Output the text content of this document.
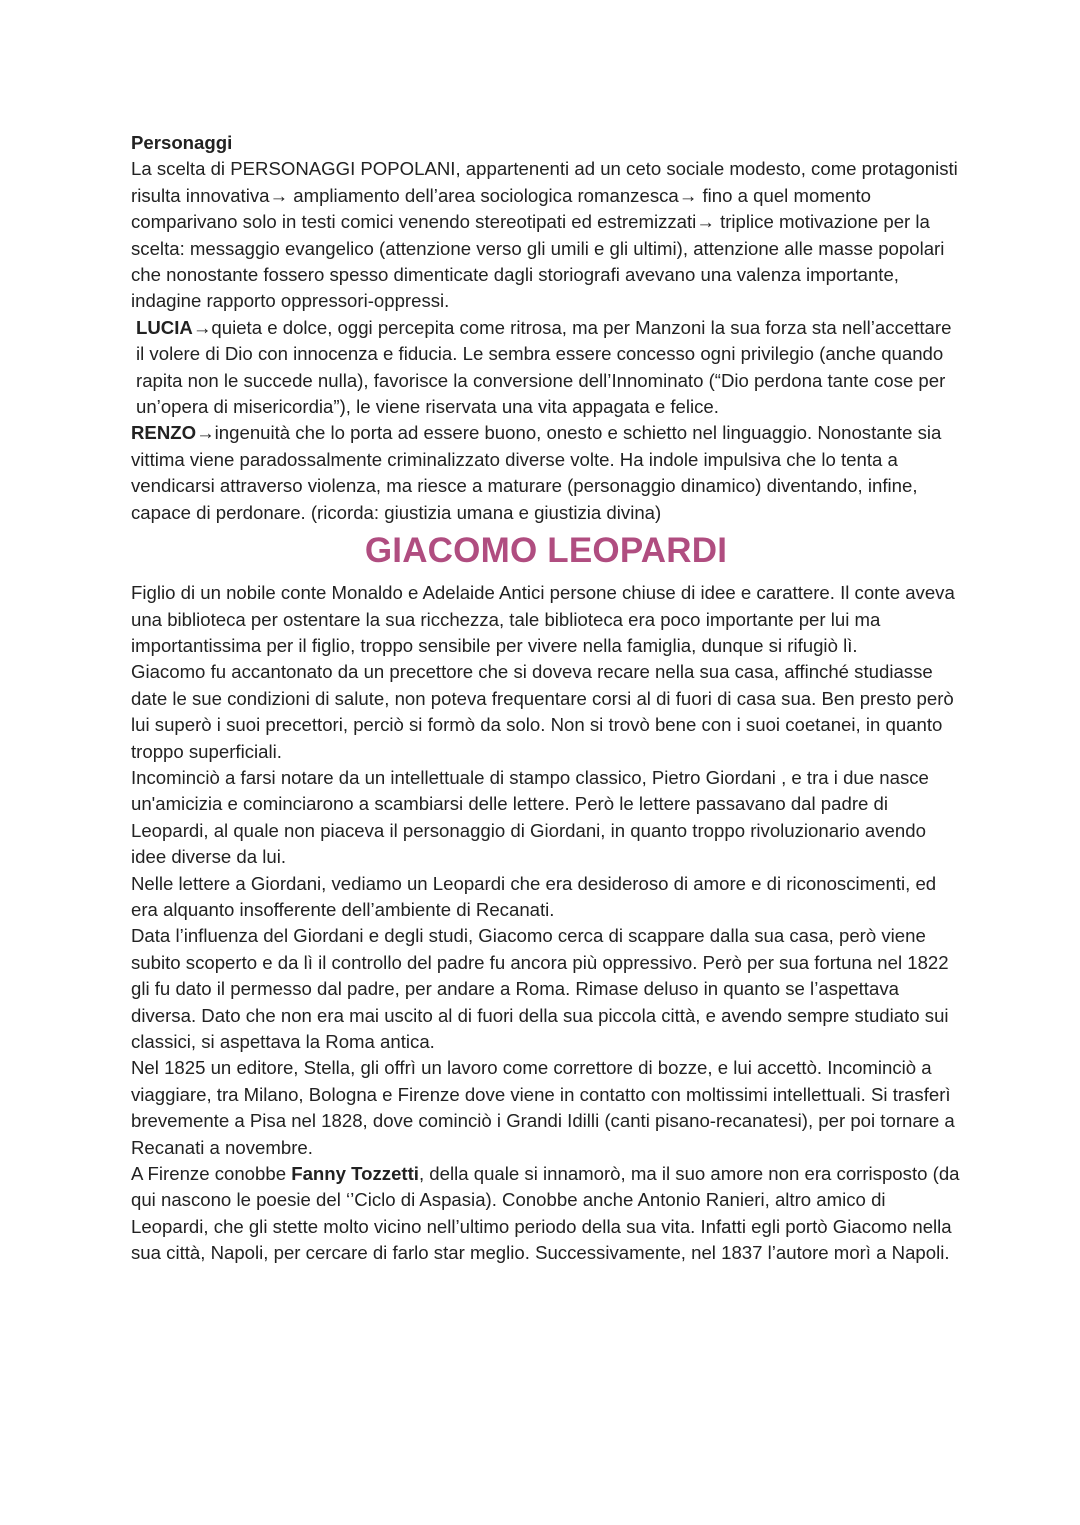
Personaggi

La scelta di PERSONAGGI POPOLANI, appartenenti ad un ceto sociale modesto, come protagonisti risulta innovativa→ ampliamento dell’area sociologica romanzesca→ fino a quel momento comparivano solo in testi comici venendo stereotipati ed estremizzati→ triplice motivazione per la scelta: messaggio evangelico (attenzione verso gli umili e gli ultimi), attenzione alle masse popolari che nonostante fossero spesso dimenticate dagli storiografi avevano una valenza importante, indagine rapporto oppressori-oppressi.

LUCIA→quieta e dolce, oggi percepita come ritrosa, ma per Manzoni la sua forza sta nell’accettare il volere di Dio con innocenza e fiducia. Le sembra essere concesso ogni privilegio (anche quando rapita non le succede nulla), favorisce la conversione dell’Innominato (“Dio perdona tante cose per un’opera di misericordia”), le viene riservata una vita appagata e felice.

RENZO→ingenuità che lo porta ad essere buono, onesto e schietto nel linguaggio. Nonostante sia vittima viene paradossalmente criminalizzato diverse volte. Ha indole impulsiva che lo tenta a vendicarsi attraverso violenza, ma riesce a maturare (personaggio dinamico) diventando, infine, capace di perdonare. (ricorda: giustizia umana e giustizia divina)

GIACOMO LEOPARDI

Figlio di un nobile conte Monaldo e Adelaide Antici persone chiuse di idee e carattere. Il conte aveva una biblioteca per ostentare la sua ricchezza, tale biblioteca era poco importante per lui ma importantissima per il figlio, troppo sensibile per vivere nella famiglia, dunque si rifugiò lì.

Giacomo fu accantonato da un precettore che si doveva recare nella sua casa, affinché studiasse date le sue condizioni di salute, non poteva frequentare corsi al di fuori di casa sua. Ben presto però lui superò i suoi precettori, perciò si formò da solo. Non si trovò bene con i suoi coetanei, in quanto troppo superficiali.

Incominciò a farsi notare da un intellettuale di stampo classico, Pietro Giordani , e tra i due nasce un'amicizia e cominciarono a scambiarsi delle lettere. Però le lettere passavano dal padre di Leopardi, al quale non piaceva il personaggio di Giordani, in quanto troppo rivoluzionario avendo idee diverse da lui.

Nelle lettere a Giordani, vediamo un Leopardi che era desideroso di amore e di riconoscimenti, ed era alquanto insofferente dell’ambiente di Recanati.

Data l’influenza del Giordani e degli studi, Giacomo cerca di scappare dalla sua casa, però viene subito scoperto e da lì il controllo del padre fu ancora più oppressivo. Però per sua fortuna nel 1822 gli fu dato il permesso dal padre, per andare a Roma. Rimase deluso in quanto se l’aspettava diversa. Dato che non era mai uscito al di fuori della sua piccola città, e avendo sempre studiato sui classici, si aspettava la Roma antica.

Nel 1825 un editore, Stella, gli offrì un lavoro come correttore di bozze, e lui accettò. Incominciò a viaggiare, tra Milano, Bologna e Firenze dove viene in contatto con moltissimi intellettuali. Si trasferì brevemente a Pisa nel 1828, dove cominciò i Grandi Idilli (canti pisano-recanatesi), per poi tornare a Recanati a novembre.

A Firenze conobbe Fanny Tozzetti, della quale si innamorò, ma il suo amore non era corrisposto (da qui nascono le poesie del ‘’Ciclo di Aspasia). Conobbe anche Antonio Ranieri, altro amico di Leopardi, che gli stette molto vicino nell’ultimo periodo della sua vita. Infatti egli portò Giacomo nella sua città, Napoli, per cercare di farlo star meglio. Successivamente, nel 1837 l’autore morì a Napoli.
